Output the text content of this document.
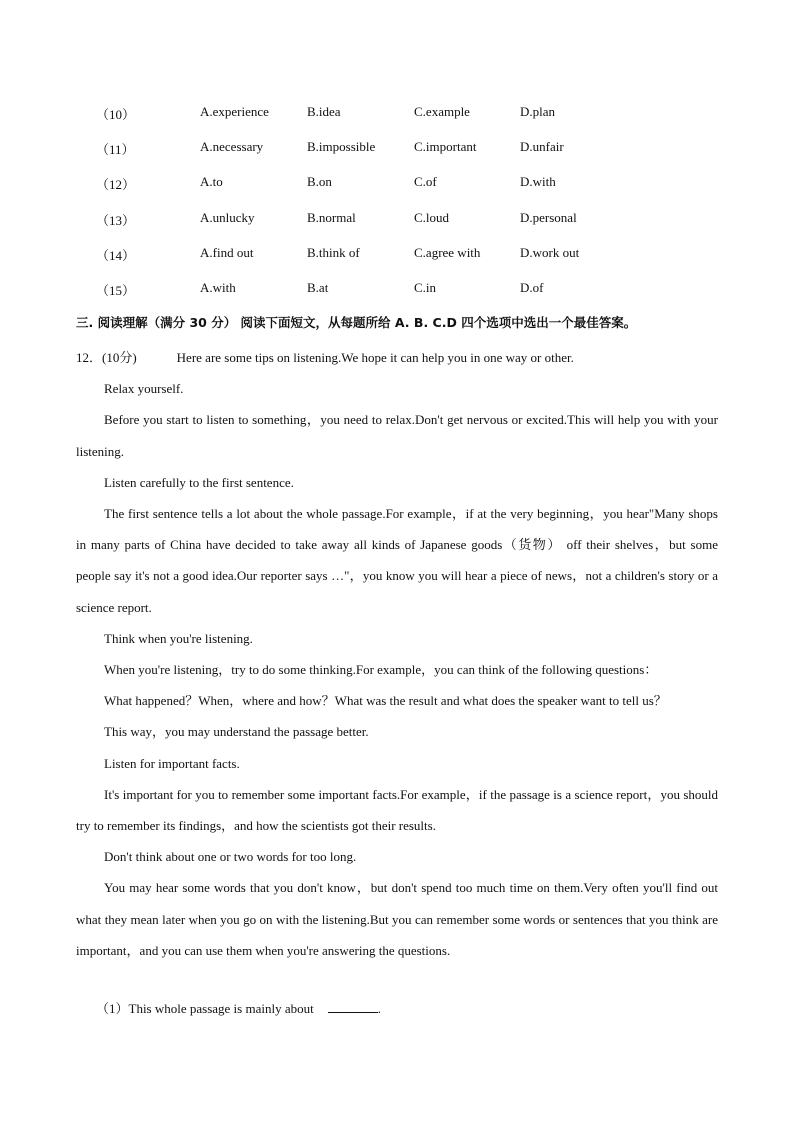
（10）	A.experience	B.idea	C.example	D.plan
（11）	A.necessary	B.impossible	C.important	D.unfair
（12）	A.to	B.on	C.of	D.with
（13）	A.unlucky	B.normal	C.loud	D.personal
（14）	A.find out	B.think of	C.agree with	D.work out
（15）	A.with	B.at	C.in	D.of
三. 阅读理解（满分 30 分） 阅读下面短文，从每题所给 A. B. C.D 四个选项中选出一个最佳答案。

12．(10分)	Here are some tips on listening.We hope it can help you in one way or other.

Relax yourself.

Before you start to listen to something，you need to relax.Don't get nervous or excited.This will help you with your listening.

Listen carefully to the first sentence.

The first sentence tells a lot about the whole passage.For example，if at the very beginning，you hear"Many shops in many parts of China have decided to take away all kinds of Japanese goods（货物） off their shelves，but some people say it's not a good idea.Our reporter says …"，you know you will hear a piece of news，not a children's story or a science report.

Think when you're listening.

When you're listening，try to do some thinking.For example，you can think of the following questions：

What happened？When，where and how？What was the result and what does the speaker want to tell us？

This way，you may understand the passage better.

Listen for important facts.

It's important for you to remember some important facts.For example，if the passage is a science report，you should try to remember its findings，and how the scientists got their results.

Don't think about one or two words for too long.

You may hear some words that you don't know，but don't spend too much time on them.Very often you'll find out what they mean later when you go on with the listening.But you can remember some words or sentences that you think are important，and you can use them when you're answering the questions.

（1）This whole passage is mainly about	.
